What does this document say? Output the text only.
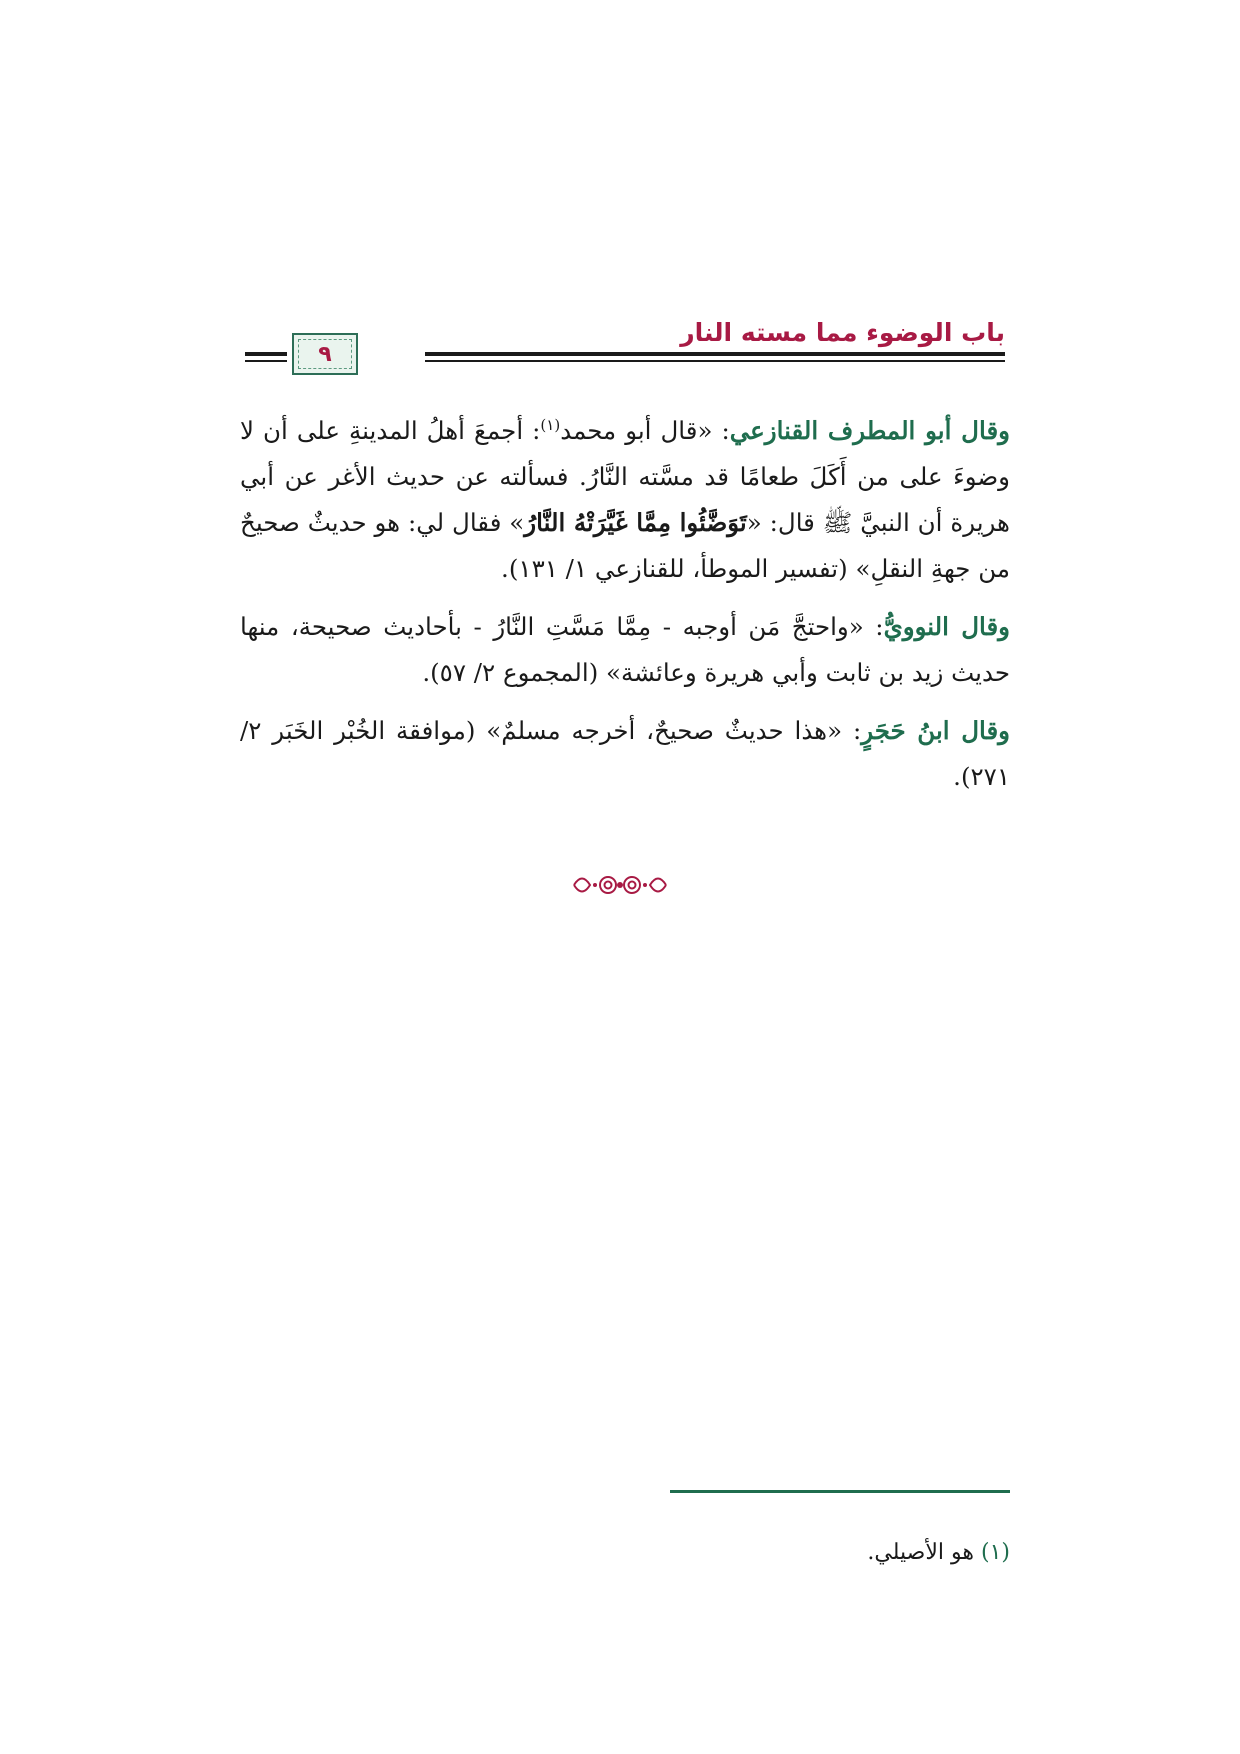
باب الوضوء مما مسته النار
٩

وقال أبو المطرف القنازعي: «قال أبو محمد$^{(١)}$: أجمعَ أهلُ المدينةِ على أن لا وضوءَ على من أَكَلَ طعامًا قد مسَّته النَّارُ. فسألته عن حديث الأغر عن أبي هريرة أن النبيَّ ﷺ قال: «تَوَضَّئُوا مِمَّا غَيَّرَتْهُ النَّارُ» فقال لي: هو حديثٌ صحيحٌ من جهةِ النقلِ» (تفسير الموطأ، للقنازعي ١/ ١٣١).

وقال النوويُّ: «واحتجَّ مَن أوجبه - مِمَّا مَسَّتِ النَّارُ - بأحاديث صحيحة، منها حديث زيد بن ثابت وأبي هريرة وعائشة» (المجموع ٢/ ٥٧).

وقال ابنُ حَجَرٍ: «هذا حديثٌ صحيحٌ، أخرجه مسلمٌ» (موافقة الخُبْر الخَبَر ٢/ ٢٧١).

(١) هو الأصيلي.
